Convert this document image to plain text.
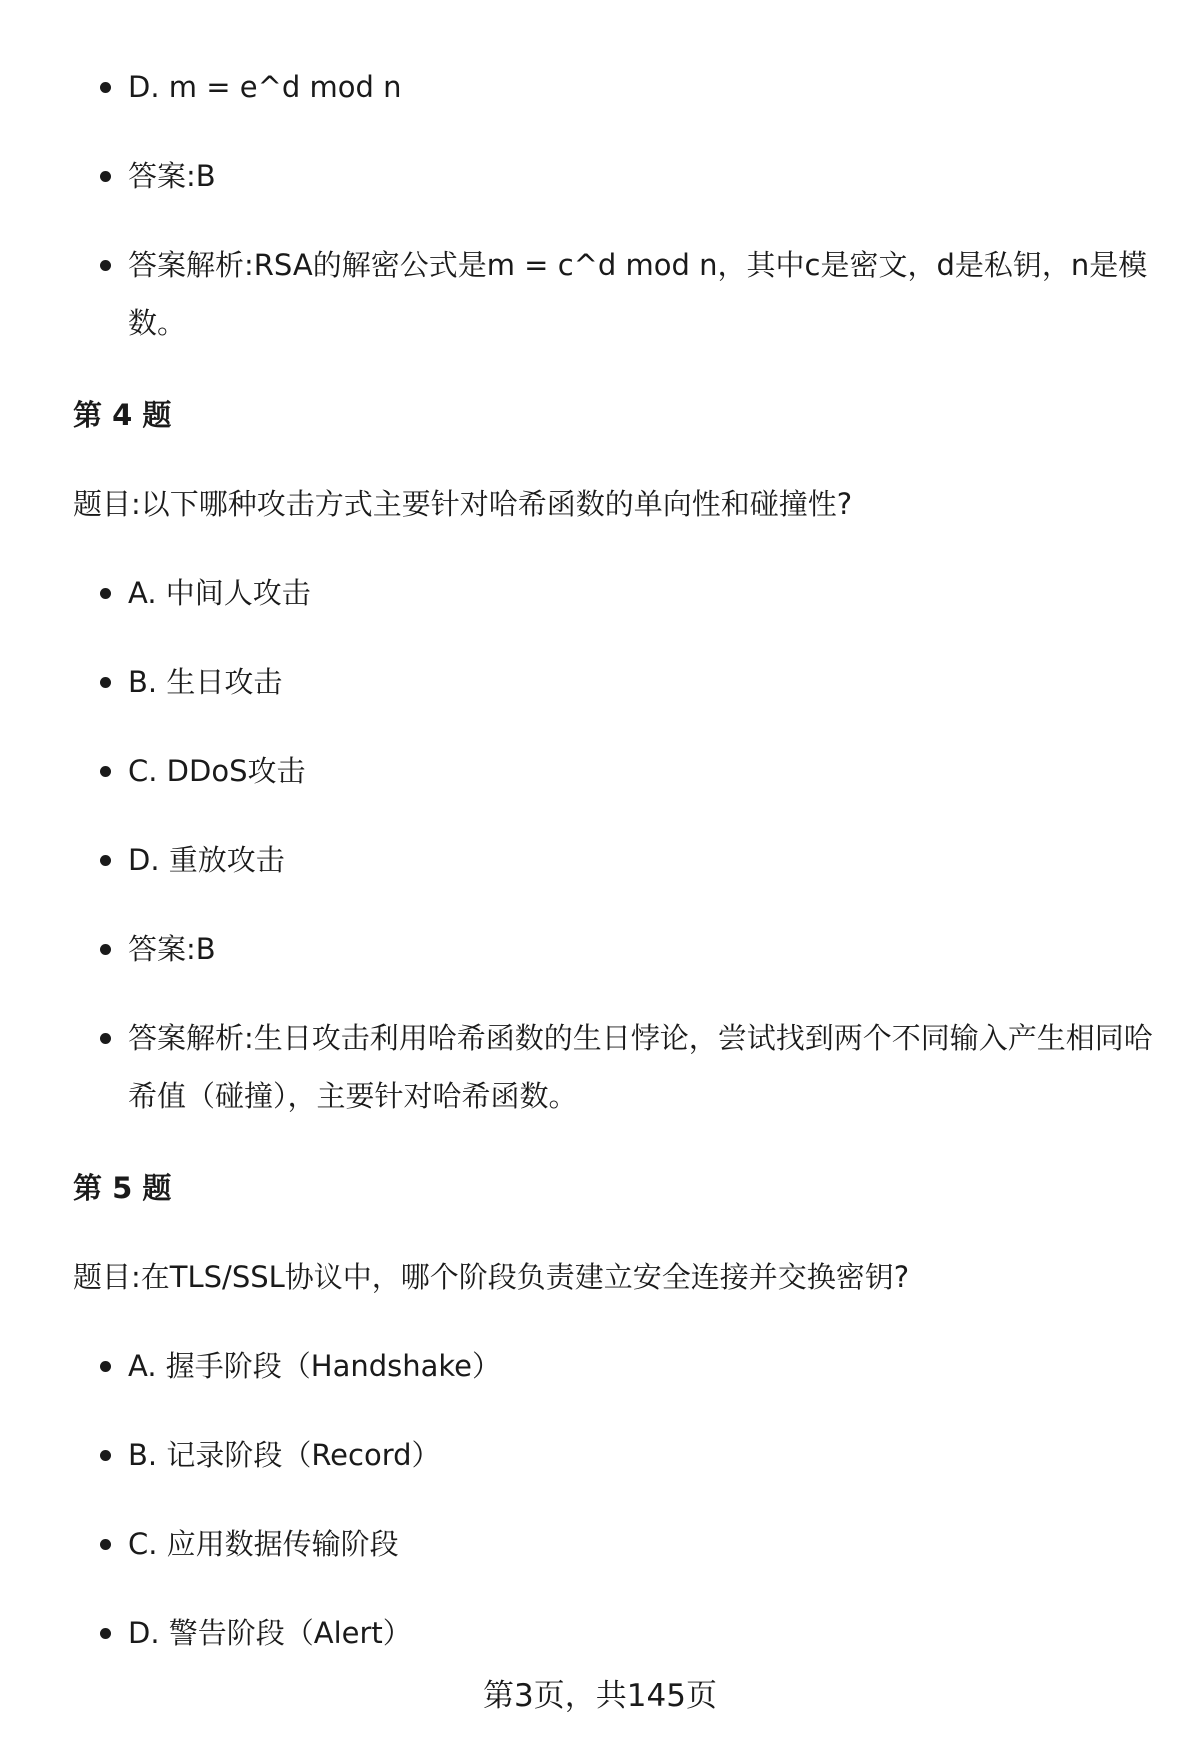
D. m = e^d mod n
答案:B
答案解析:RSA的解密公式是m = c^d mod n，其中c是密文，d是私钥，n是模数。
第 4 题
题目:以下哪种攻击方式主要针对哈希函数的单向性和碰撞性?
A. 中间人攻击
B. 生日攻击
C. DDoS攻击
D. 重放攻击
答案:B
答案解析:生日攻击利用哈希函数的生日悖论，尝试找到两个不同输入产生相同哈希值（碰撞），主要针对哈希函数。
第 5 题
题目:在TLS/SSL协议中，哪个阶段负责建立安全连接并交换密钥?
A. 握手阶段（Handshake）
B. 记录阶段（Record）
C. 应用数据传输阶段
D. 警告阶段（Alert）
第3页，共145页
